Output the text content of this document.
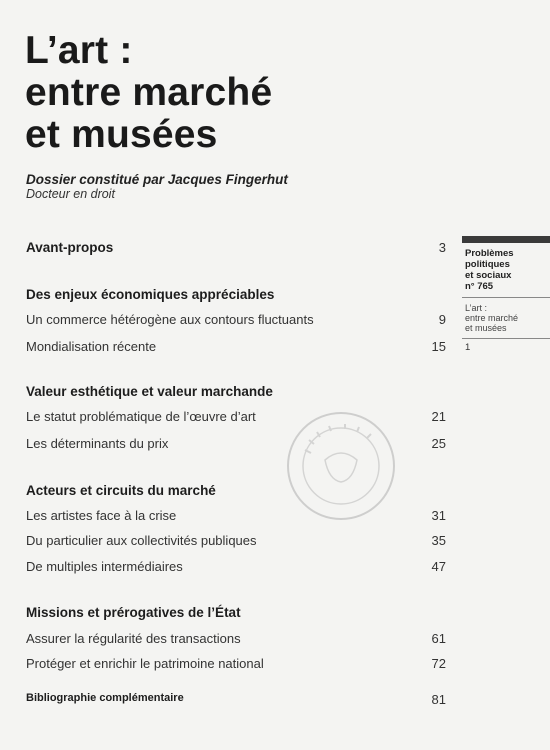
L’art :
entre marché
et musées
Dossier constitué par Jacques Fingerhut
Docteur en droit
Avant-propos	3
Des enjeux économiques appréciables
Un commerce hétérogène aux contours fluctuants	9
Mondialisation récente	15
Valeur esthétique et valeur marchande
Le statut problématique de l’œuvre d’art	21
Les déterminants du prix	25
Acteurs et circuits du marché
Les artistes face à la crise	31
Du particulier aux collectivités publiques	35
De multiples intermédiaires	47
Missions et prérogatives de l’État
Assurer la régularité des transactions	61
Protéger et enrichir le patrimoine national	72
Bibliographie complémentaire	81
Problèmes
politiques
et sociaux
n° 765
L’art :
entre marché
et musées
1
